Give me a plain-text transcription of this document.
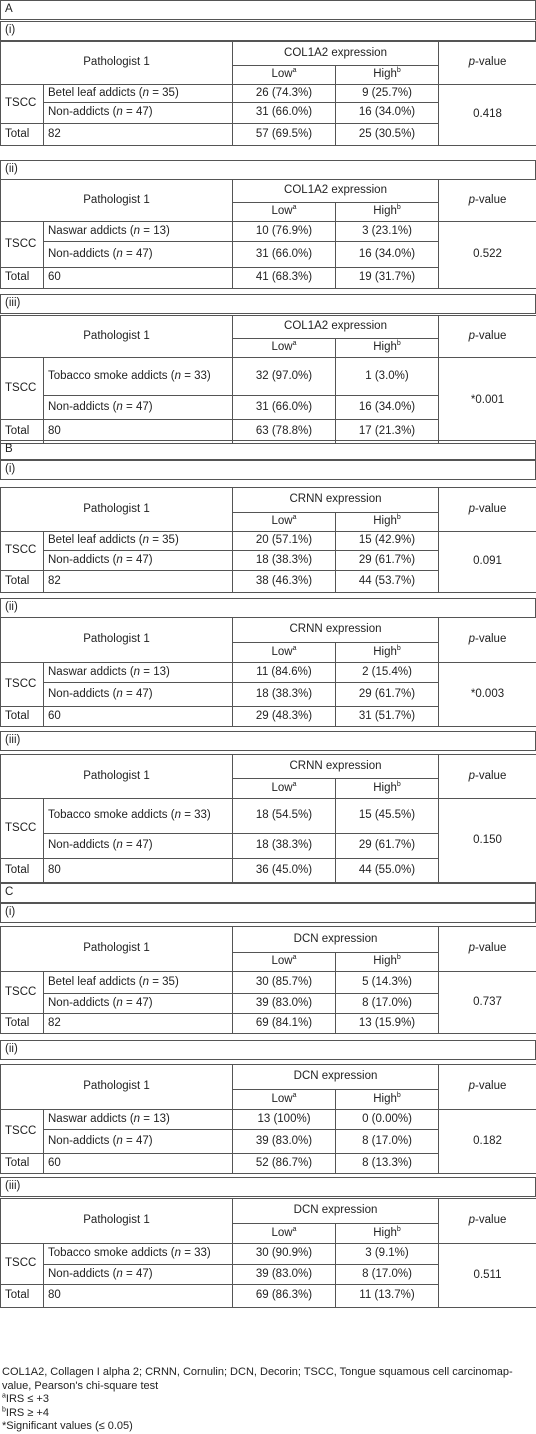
A
(i)
Pathologist 1		COL1A2 expression		p-value
		Low$^a$	High$^b$
TSCC	Betel leaf addicts (n = 35)	26 (74.3%)	9 (25.7%)	0.418
	Non-addicts (n = 47)	31 (66.0%)	16 (34.0%)	
Total	82	57 (69.5%)	25 (30.5%)	
(ii)
Pathologist 1		COL1A2 expression		p-value
		Low$^a$	High$^b$
TSCC	Naswar addicts (n = 13)	10 (76.9%)	3 (23.1%)	0.522
	Non-addicts (n = 47)	31 (66.0%)	16 (34.0%)	
Total	60	41 (68.3%)	19 (31.7%)	
(iii)
Pathologist 1		COL1A2 expression		p-value
		Low$^a$	High$^b$
TSCC	Tobacco smoke addicts (n = 33)	32 (97.0%)	1 (3.0%)	*0.001
	Non-addicts (n = 47)	31 (66.0%)	16 (34.0%)	
Total	80	63 (78.8%)	17 (21.3%)	
B
(i)
Pathologist 1		CRNN expression		p-value
		Low$^a$	High$^b$
TSCC	Betel leaf addicts (n = 35)	20 (57.1%)	15 (42.9%)	0.091
	Non-addicts (n = 47)	18 (38.3%)	29 (61.7%)	
Total	82	38 (46.3%)	44 (53.7%)	
(ii)
Pathologist 1		CRNN expression		p-value
		Low$^a$	High$^b$
TSCC	Naswar addicts (n = 13)	11 (84.6%)	2 (15.4%)	*0.003
	Non-addicts (n = 47)	18 (38.3%)	29 (61.7%)	
Total	60	29 (48.3%)	31 (51.7%)	
(iii)
Pathologist 1		CRNN expression		p-value
		Low$^a$	High$^b$
TSCC	Tobacco smoke addicts (n = 33)	18 (54.5%)	15 (45.5%)	0.150
	Non-addicts (n = 47)	18 (38.3%)	29 (61.7%)	
Total	80	36 (45.0%)	44 (55.0%)	
C
(i)
Pathologist 1		DCN expression		p-value
		Low$^a$	High$^b$
TSCC	Betel leaf addicts (n = 35)	30 (85.7%)	5 (14.3%)	0.737
	Non-addicts (n = 47)	39 (83.0%)	8 (17.0%)	
Total	82	69 (84.1%)	13 (15.9%)	
(ii)
Pathologist 1		DCN expression		p-value
		Low$^a$	High$^b$
TSCC	Naswar addicts (n = 13)	13 (100%)	0 (0.00%)	0.182
	Non-addicts (n = 47)	39 (83.0%)	8 (17.0%)	
Total	60	52 (86.7%)	8 (13.3%)	
(iii)
Pathologist 1		DCN expression		p-value
		Low$^a$	High$^b$
TSCC	Tobacco smoke addicts (n = 33)	30 (90.9%)	3 (9.1%)	0.511
	Non-addicts (n = 47)	39 (83.0%)	8 (17.0%)	
Total	80	69 (86.3%)	11 (13.7%)	
COL1A2, Collagen I alpha 2; CRNN, Cornulin; DCN, Decorin; TSCC, Tongue squamous cell carcinomap-value, Pearson's chi-square test
$^a$IRS ≤ +3
$^b$IRS ≥ +4
*Significant values (≤ 0.05)
